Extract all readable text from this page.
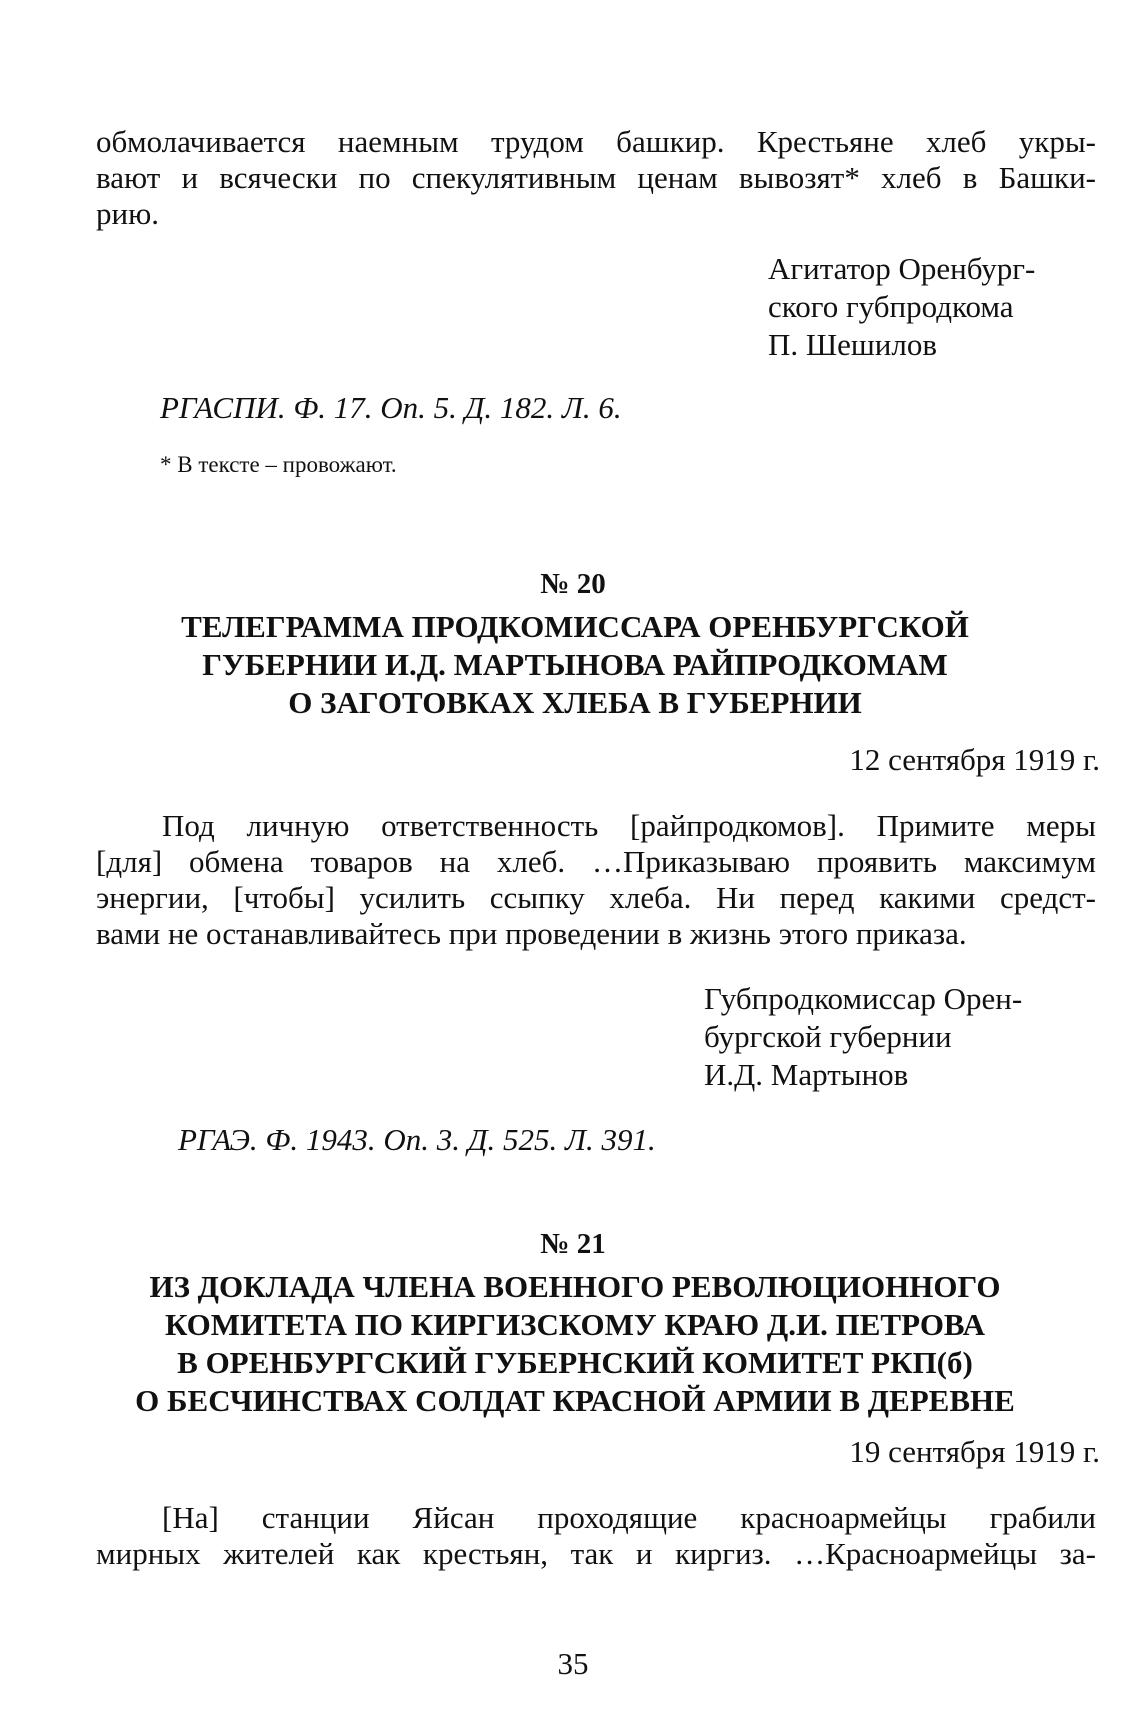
обмолачивается наемным трудом башкир. Крестьяне хлеб укры-
вают и всячески по спекулятивным ценам вывозят* хлеб в Башки-
рию.
Агитатор Оренбург-
ского губпродкома
П. Шешилов

РГАСПИ. Ф. 17. Оп. 5. Д. 182. Л. 6.

* В тексте – провожают.

№ 20

ТЕЛЕГРАММА ПРОДКОМИССАРА ОРЕНБУРГСКОЙ
ГУБЕРНИИ И.Д. МАРТЫНОВА РАЙПРОДКОМАМ
О ЗАГОТОВКАХ ХЛЕБА В ГУБЕРНИИ

12 сентября 1919 г.

Под личную ответственность [райпродкомов]. Примите меры
[для] обмена товаров на хлеб. …Приказываю проявить максимум
энергии, [чтобы] усилить ссыпку хлеба. Ни перед какими средст-
вами не останавливайтесь при проведении в жизнь этого приказа.
Губпродкомиссар Орен-
бургской губернии
И.Д. Мартынов

РГАЭ. Ф. 1943. Оп. 3. Д. 525. Л. 391.

№ 21

ИЗ ДОКЛАДА ЧЛЕНА ВОЕННОГО РЕВОЛЮЦИОННОГО
КОМИТЕТА ПО КИРГИЗСКОМУ КРАЮ Д.И. ПЕТРОВА
В ОРЕНБУРГСКИЙ ГУБЕРНСКИЙ КОМИТЕТ РКП(б)
О БЕСЧИНСТВАХ СОЛДАТ КРАСНОЙ АРМИИ В ДЕРЕВНЕ

19 сентября 1919 г.

[На] станции Яйсан проходящие красноармейцы грабили
мирных жителей как крестьян, так и киргиз. …Красноармейцы за-

35
